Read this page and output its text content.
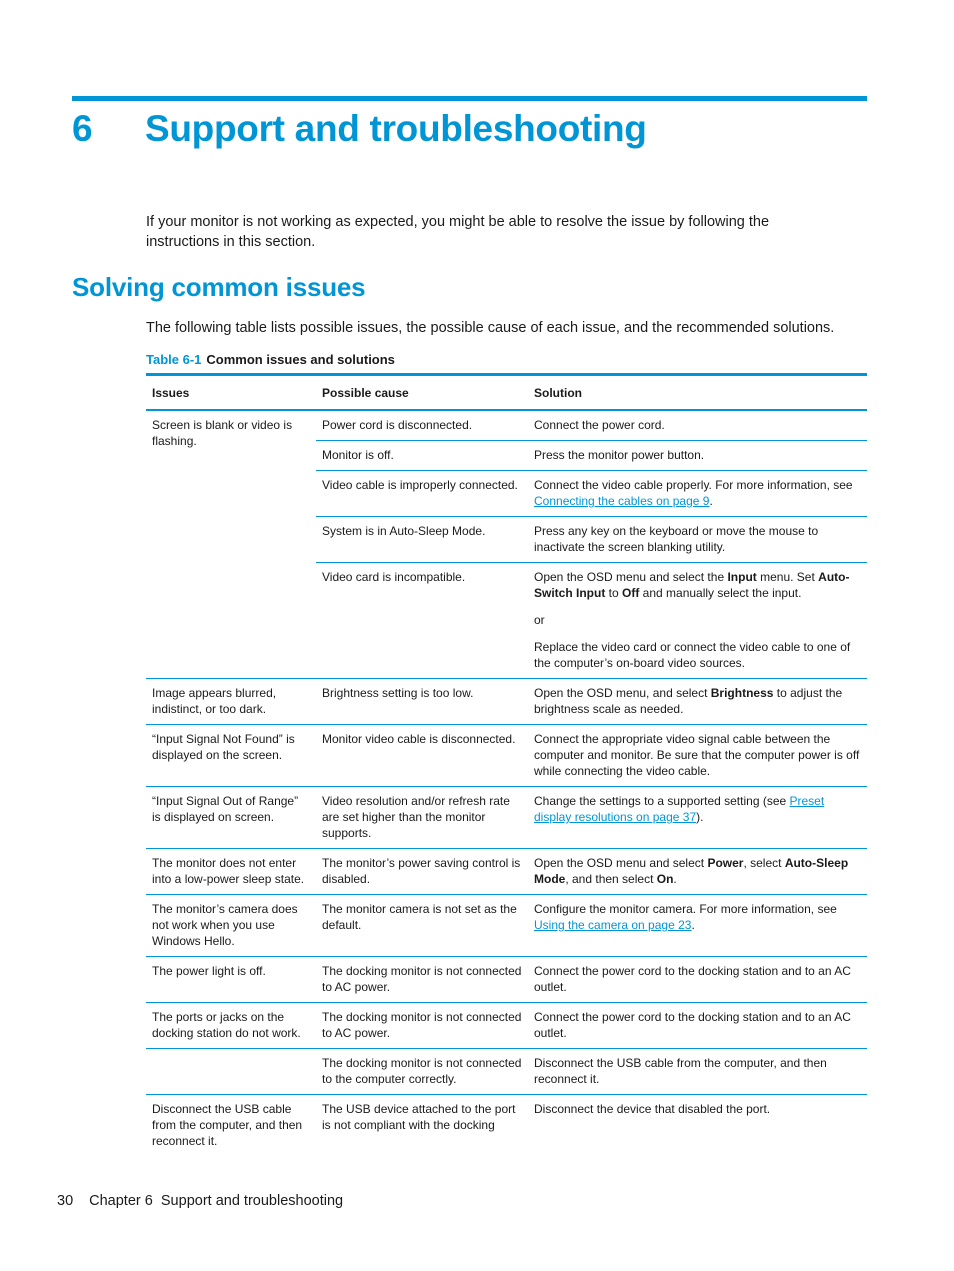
6 Support and troubleshooting

If your monitor is not working as expected, you might be able to resolve the issue by following the instructions in this section.

Solving common issues

The following table lists possible issues, the possible cause of each issue, and the recommended solutions.

Table 6-1 Common issues and solutions

Issues	Possible cause	Solution
Screen is blank or video is flashing.	Power cord is disconnected.	Connect the power cord.
	Monitor is off.	Press the monitor power button.
	Video cable is improperly connected.	Connect the video cable properly. For more information, see Connecting the cables on page 9.
	System is in Auto-Sleep Mode.	Press any key on the keyboard or move the mouse to inactivate the screen blanking utility.
	Video card is incompatible.	Open the OSD menu and select the Input menu. Set Auto-Switch Input to Off and manually select the input.

or

Replace the video card or connect the video cable to one of the computer’s on-board video sources.

Image appears blurred, indistinct, or too dark.	Brightness setting is too low.	Open the OSD menu, and select Brightness to adjust the brightness scale as needed.
“Input Signal Not Found” is displayed on the screen.	Monitor video cable is disconnected.	Connect the appropriate video signal cable between the computer and monitor. Be sure that the computer power is off while connecting the video cable.
“Input Signal Out of Range” is displayed on screen.	Video resolution and/or refresh rate are set higher than the monitor supports.	Change the settings to a supported setting (see Preset display resolutions on page 37).
The monitor does not enter into a low-power sleep state.	The monitor’s power saving control is disabled.	Open the OSD menu and select Power, select Auto-Sleep Mode, and then select On.
The monitor’s camera does not work when you use Windows Hello.	The monitor camera is not set as the default.	Configure the monitor camera. For more information, see Using the camera on page 23.
The power light is off.	The docking monitor is not connected to AC power.	Connect the power cord to the docking station and to an AC outlet.
The ports or jacks on the docking station do not work.	The docking monitor is not connected to AC power.	Connect the power cord to the docking station and to an AC outlet.
	The docking monitor is not connected to the computer correctly.	Disconnect the USB cable from the computer, and then reconnect it.
Disconnect the USB cable from the computer, and then reconnect it.	The USB device attached to the port is not compliant with the docking	Disconnect the device that disabled the port.

30 Chapter 6 Support and troubleshooting
